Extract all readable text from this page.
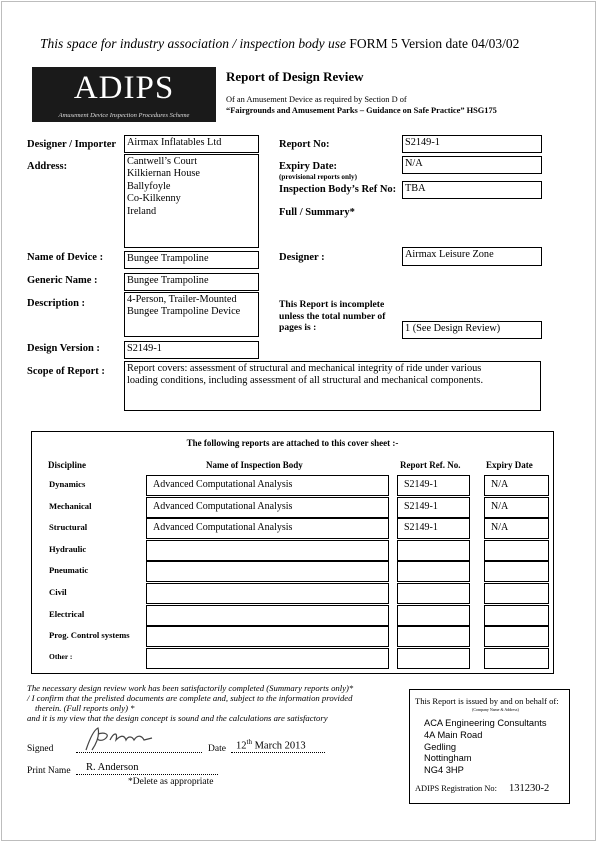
This space for industry association / inspection body use FORM 5 Version date 04/03/02
ADIPS
Amusement Device Inspection Procedures Scheme
Report of Design Review
Of an Amusement Device as required by Section D of
“Fairgrounds and Amusement Parks – Guidance on Safe Practice” HSG175
Designer / Importer Airmax Inflatables Ltd
Address:	Cantwell’s Court
Kilkiernan House
Ballyfoyle
Co-Kilkenny
Ireland
Name of Device : Bungee Trampoline
Generic Name :	Bungee Trampoline
Description :	4-Person, Trailer-Mounted
Bungee Trampoline Device
Design Version :	S2149-1
Scope of Report : Report covers: assessment of structural and mechanical integrity of ride under various
loading conditions, including assessment of all structural and mechanical components.
Report No:	S2149-1
Expiry Date:
(provisional reports only)
N/A
Inspection Body’s Ref No: TBA
Full / Summary*
Designer :	Airmax Leisure Zone
This Report is incomplete
unless the total number of
pages is :	1 (See Design Review)
The following reports are attached to this cover sheet :-
Discipline	Name of Inspection Body	Report Ref. No.	Expiry Date
Dynamics	Advanced Computational Analysis	S2149-1	N/A
Mechanical	Advanced Computational Analysis	S2149-1	N/A
Structural	Advanced Computational Analysis	S2149-1	N/A
Hydraulic
Pneumatic
Civil
Electrical
Prog. Control systems
Other :
The necessary design review work has been satisfactorily completed (Summary reports only)*
/ I confirm that the prelisted documents are complete and, subject to the information provided
therein. (Full reports only) *
and it is my view that the design concept is sound and the calculations are satisfactory
Signed	Date 12th March 2013
Print Name R. Anderson
*Delete as appropriate
This Report is issued by and on behalf of:
(Company Name & Address)
ACA Engineering Consultants
4A Main Road
Gedling
Nottingham
NG4 3HP
ADIPS Registration No: 131230-2
